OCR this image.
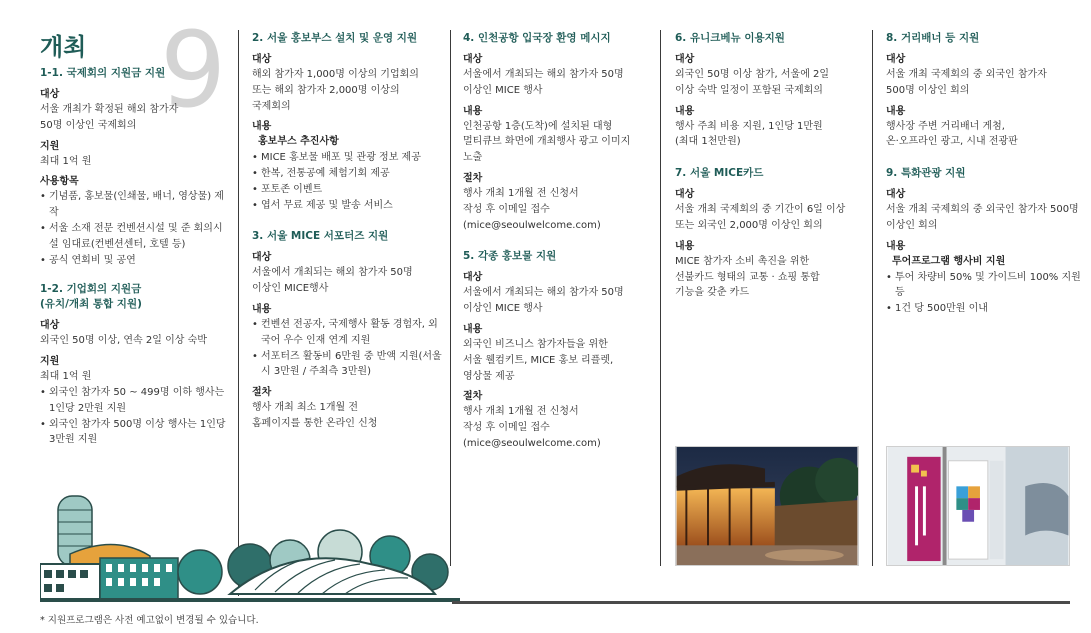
9
개최
1-1. 국제회의 지원금 지원
대상
서울 개최가 확정된 해외 참가자
50명 이상인 국제회의
지원
최대 1억 원
사용항목
• 기념품, 홍보물(인쇄물, 배너, 영상물) 제작
• 서울 소재 전문 컨벤션시설 및 준 회의시설 임대료(컨벤션센터, 호텔 등)
• 공식 연회비 및 공연
1-2. 기업회의 지원금
(유치/개최 통합 지원)
대상
외국인 50명 이상, 연속 2일 이상 숙박
지원
최대 1억 원
• 외국인 참가자 50 ~ 499명 이하 행사는 1인당 2만원 지원
• 외국인 참가자 500명 이상 행사는 1인당 3만원 지원
2. 서울 홍보부스 설치 및 운영 지원
대상
해외 참가자 1,000명 이상의 기업회의
또는 해외 참가자 2,000명 이상의
국제회의
내용
홍보부스 추진사항
• MICE 홍보물 배포 및 관광 정보 제공
• 한복, 전통공예 체험기회 제공
• 포토존 이벤트
• 엽서 무료 제공 및 발송 서비스
3. 서울 MICE 서포터즈 지원
대상
서울에서 개최되는 해외 참가자 50명
이상인 MICE행사
내용
• 컨벤션 전공자, 국제행사 활동 경험자, 외국어 우수 인재 연계 지원
• 서포터즈 활동비 6만원 중 반액 지원(서울시 3만원 / 주최측 3만원)
절차
행사 개최 최소 1개월 전
홈페이지를 통한 온라인 신청
4. 인천공항 입국장 환영 메시지
대상
서울에서 개최되는 해외 참가자 50명
이상인 MICE 행사
내용
인천공항 1층(도착)에 설치된 대형
멀티큐브 화면에 개최행사 광고 이미지
노출
절차
행사 개최 1개월 전 신청서
작성 후 이메일 접수
(mice@seoulwelcome.com)
5. 각종 홍보물 지원
대상
서울에서 개최되는 해외 참가자 50명
이상인 MICE 행사
내용
외국인 비즈니스 참가자들을 위한
서울 웰컴키트, MICE 홍보 리플렛,
영상물 제공
절차
행사 개최 1개월 전 신청서
작성 후 이메일 접수
(mice@seoulwelcome.com)
6. 유니크베뉴 이용지원
대상
외국인 50명 이상 참가, 서울에 2일
이상 숙박 일정이 포함된 국제회의
내용
행사 주최 비용 지원, 1인당 1만원
(최대 1천만원)
7. 서울 MICE카드
대상
서울 개최 국제회의 중 기간이 6일 이상
또는 외국인 2,000명 이상인 회의
내용
MICE 참가자 소비 촉진을 위한
선불카드 형태의 교통 · 쇼핑 통합
기능을 갖춘 카드
8. 거리배너 등 지원
대상
서울 개최 국제회의 중 외국인 참가자
500명 이상인 회의
내용
행사장 주변 거리배너 게첨,
온·오프라인 광고, 시내 전광판
9. 특화관광 지원
대상
서울 개최 국제회의 중 외국인 참가자 500명
이상인 회의
내용
투어프로그램 행사비 지원
• 투어 차량비 50% 및 가이드비 100% 지원 등
• 1건 당 500만원 이내
* 지원프로그램은 사전 예고없이 변경될 수 있습니다.
